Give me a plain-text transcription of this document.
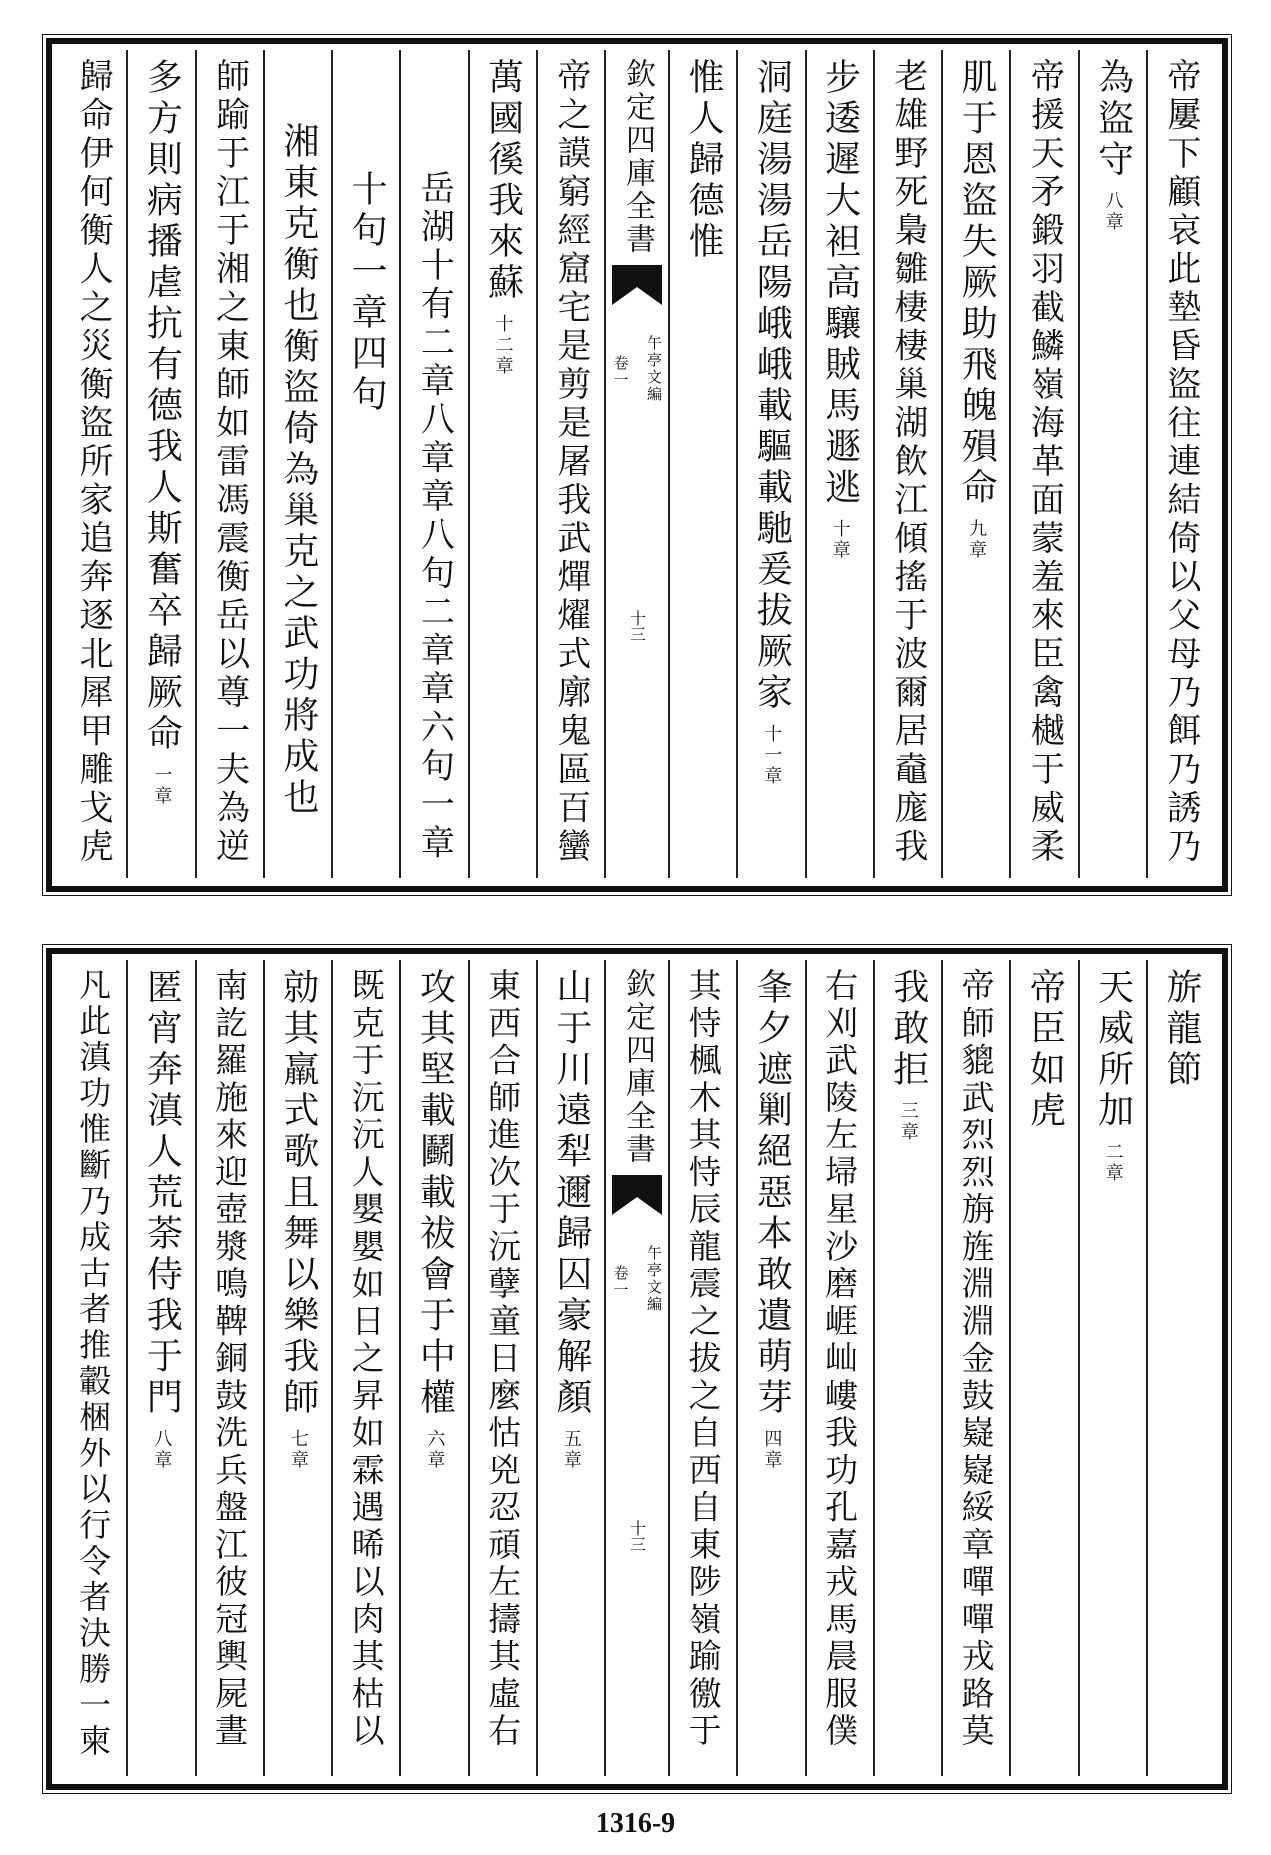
帝屢下顧哀此墊昏盜往連結倚以父母乃餌乃誘乃
為盜守八章
帝援天矛鍛羽截鱗嶺海革面蒙羞來臣禽樾于威柔
肌于恩盜失厥助飛魄殞命九章
老雄野死梟雛棲棲巢湖飲江傾搖于波爾居鼀庬我
步逶遲大袒高驤賊馬遯逃十章
洞庭湯湯岳陽峨峨載驅載馳爰拔厥家十一章
惟人歸德惟
欽定四庫全書
午亭文編
卷一
十三
帝之謨窮經窟宅是剪是屠我武燀燿式廓鬼區百蠻
萬國徯我來蘇十二章
岳湖十有二章八章章八句二章章六句一章
十句一章四句
湘東克衡也衡盜倚為巢克之武功將成也
師踰于江于湘之東師如雷馮震衡岳以尊一夫為逆
多方則病播虐抗有德我人斯奮卒歸厥命一章
歸命伊何衡人之災衡盜所家追奔逐北犀甲雕戈虎
旂龍節
天威所加二章
帝臣如虎
帝師貔武烈烈旃旌淵淵金鼓嶷嶷綏章嘽嘽戎路莫
我敢拒三章
右刈武陵左埽星沙磨崕屾嶁我功孔嘉戎馬晨服僕
夆夕遮剿絕惡本敢遺萌芽四章
其恃楓木其恃辰龍震之拔之自西自東陟嶺踰徼于
欽定四庫全書
午亭文編
卷一
十三
山于川遠犁邇歸囚豪解顏五章
東西合師進次于沅孽童日麼怙兇忍頑左擣其虛右
攻其堅載鬬載祓會于中權六章
既克于沅沅人嬰嬰如日之昇如霖遇晞以肉其枯以
勍其羸式歌且舞以樂我師七章
南訖羅施來迎壺漿鳴鞞銅鼓洗兵盤江彼冠輿屍晝
匿宵奔滇人荒荼侍我于門八章
凡此滇功惟斷乃成古者推轂梱外以行令者決勝一柬
1316-9
